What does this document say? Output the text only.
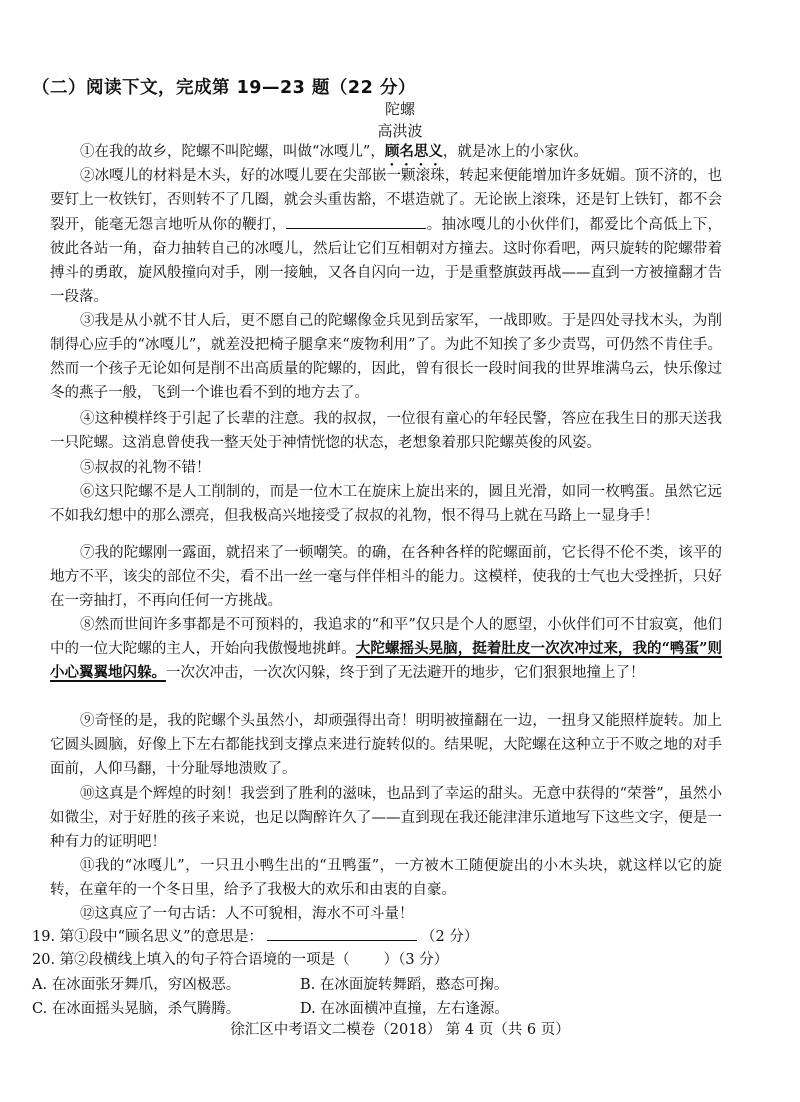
（二）阅读下文，完成第 19—23 题（22 分）
陀螺
高洪波

①在我的故乡，陀螺不叫陀螺，叫做“冰嘎儿”，顾名思义，就是冰上的小家伙。

②冰嘎儿的材料是木头，好的冰嘎儿要在尖部嵌一颗滚珠，转起来便能增加许多妩媚。顶不济的，也要钉上一枚铁钉，否则转不了几圈，就会头重齿豁，不堪造就了。无论嵌上滚珠，还是钉上铁钉，都不会裂开，能毫无怨言地听从你的鞭打，	。抽冰嘎儿的小伙伴们，都爱比个高低上下，彼此各站一角，奋力抽转自己的冰嘎儿，然后让它们互相朝对方撞去。这时你看吧，两只旋转的陀螺带着搏斗的勇敢，旋风般撞向对手，刚一接触，又各自闪向一边，于是重整旗鼓再战——直到一方被撞翻才告一段落。

③我是从小就不甘人后，更不愿自己的陀螺像金兵见到岳家军，一战即败。于是四处寻找木头，为削制得心应手的“冰嘎儿”，就差没把椅子腿拿来“废物利用”了。为此不知挨了多少责骂，可仍然不肯住手。然而一个孩子无论如何是削不出高质量的陀螺的，因此，曾有很长一段时间我的世界堆满乌云，快乐像过冬的燕子一般，飞到一个谁也看不到的地方去了。

④这种模样终于引起了长辈的注意。我的叔叔，一位很有童心的年轻民警，答应在我生日的那天送我一只陀螺。这消息曾使我一整天处于神情恍惚的状态，老想象着那只陀螺英俊的风姿。

⑤叔叔的礼物不错！

⑥这只陀螺不是人工削制的，而是一位木工在旋床上旋出来的，圆且光滑，如同一枚鸭蛋。虽然它远不如我幻想中的那么漂亮，但我极高兴地接受了叔叔的礼物，恨不得马上就在马路上一显身手！

⑦我的陀螺刚一露面，就招来了一顿嘲笑。的确，在各种各样的陀螺面前，它长得不伦不类，该平的地方不平，该尖的部位不尖，看不出一丝一毫与伴伴相斗的能力。这模样，使我的士气也大受挫折，只好在一旁抽打，不再向任何一方挑战。

⑧然而世间许多事都是不可预料的，我追求的“和平”仅只是个人的愿望，小伙伴们可不甘寂寞，他们中的一位大陀螺的主人，开始向我傲慢地挑衅。大陀螺摇头晃脑，挺着肚皮一次次冲过来，我的“鸭蛋”则小心翼翼地闪躲。一次次冲击，一次次闪躲，终于到了无法避开的地步，它们狠狠地撞上了！

⑨奇怪的是，我的陀螺个头虽然小，却顽强得出奇！明明被撞翻在一边，一扭身又能照样旋转。加上它圆头圆脑，好像上下左右都能找到支撑点来进行旋转似的。结果呢，大陀螺在这种立于不败之地的对手面前，人仰马翻，十分耻辱地溃败了。

⑩这真是个辉煌的时刻！我尝到了胜利的滋味，也品到了幸运的甜头。无意中获得的“荣誉”，虽然小如微尘，对于好胜的孩子来说，也足以陶醉许久了——直到现在我还能津津乐道地写下这些文字，便是一种有力的证明吧！

⑪我的“冰嘎儿”，一只丑小鸭生出的“丑鸭蛋”，一方被木工随便旋出的小木头块，就这样以它的旋转，在童年的一个冬日里，给予了我极大的欢乐和由衷的自豪。

⑫这真应了一句古话：人不可貌相，海水不可斗量！

19. 第①段中“顾名思义”的意思是：	（2 分）
20. 第②段横线上填入的句子符合语境的一项是（ ）（3 分）
A. 在冰面张牙舞爪，穷凶极恶。	B. 在冰面旋转舞蹈，憨态可掬。
C. 在冰面摇头晃脑，杀气腾腾。	D. 在冰面横冲直撞，左右逢源。
徐汇区中考语文二模卷（2018） 第 4 页（共 6 页）
